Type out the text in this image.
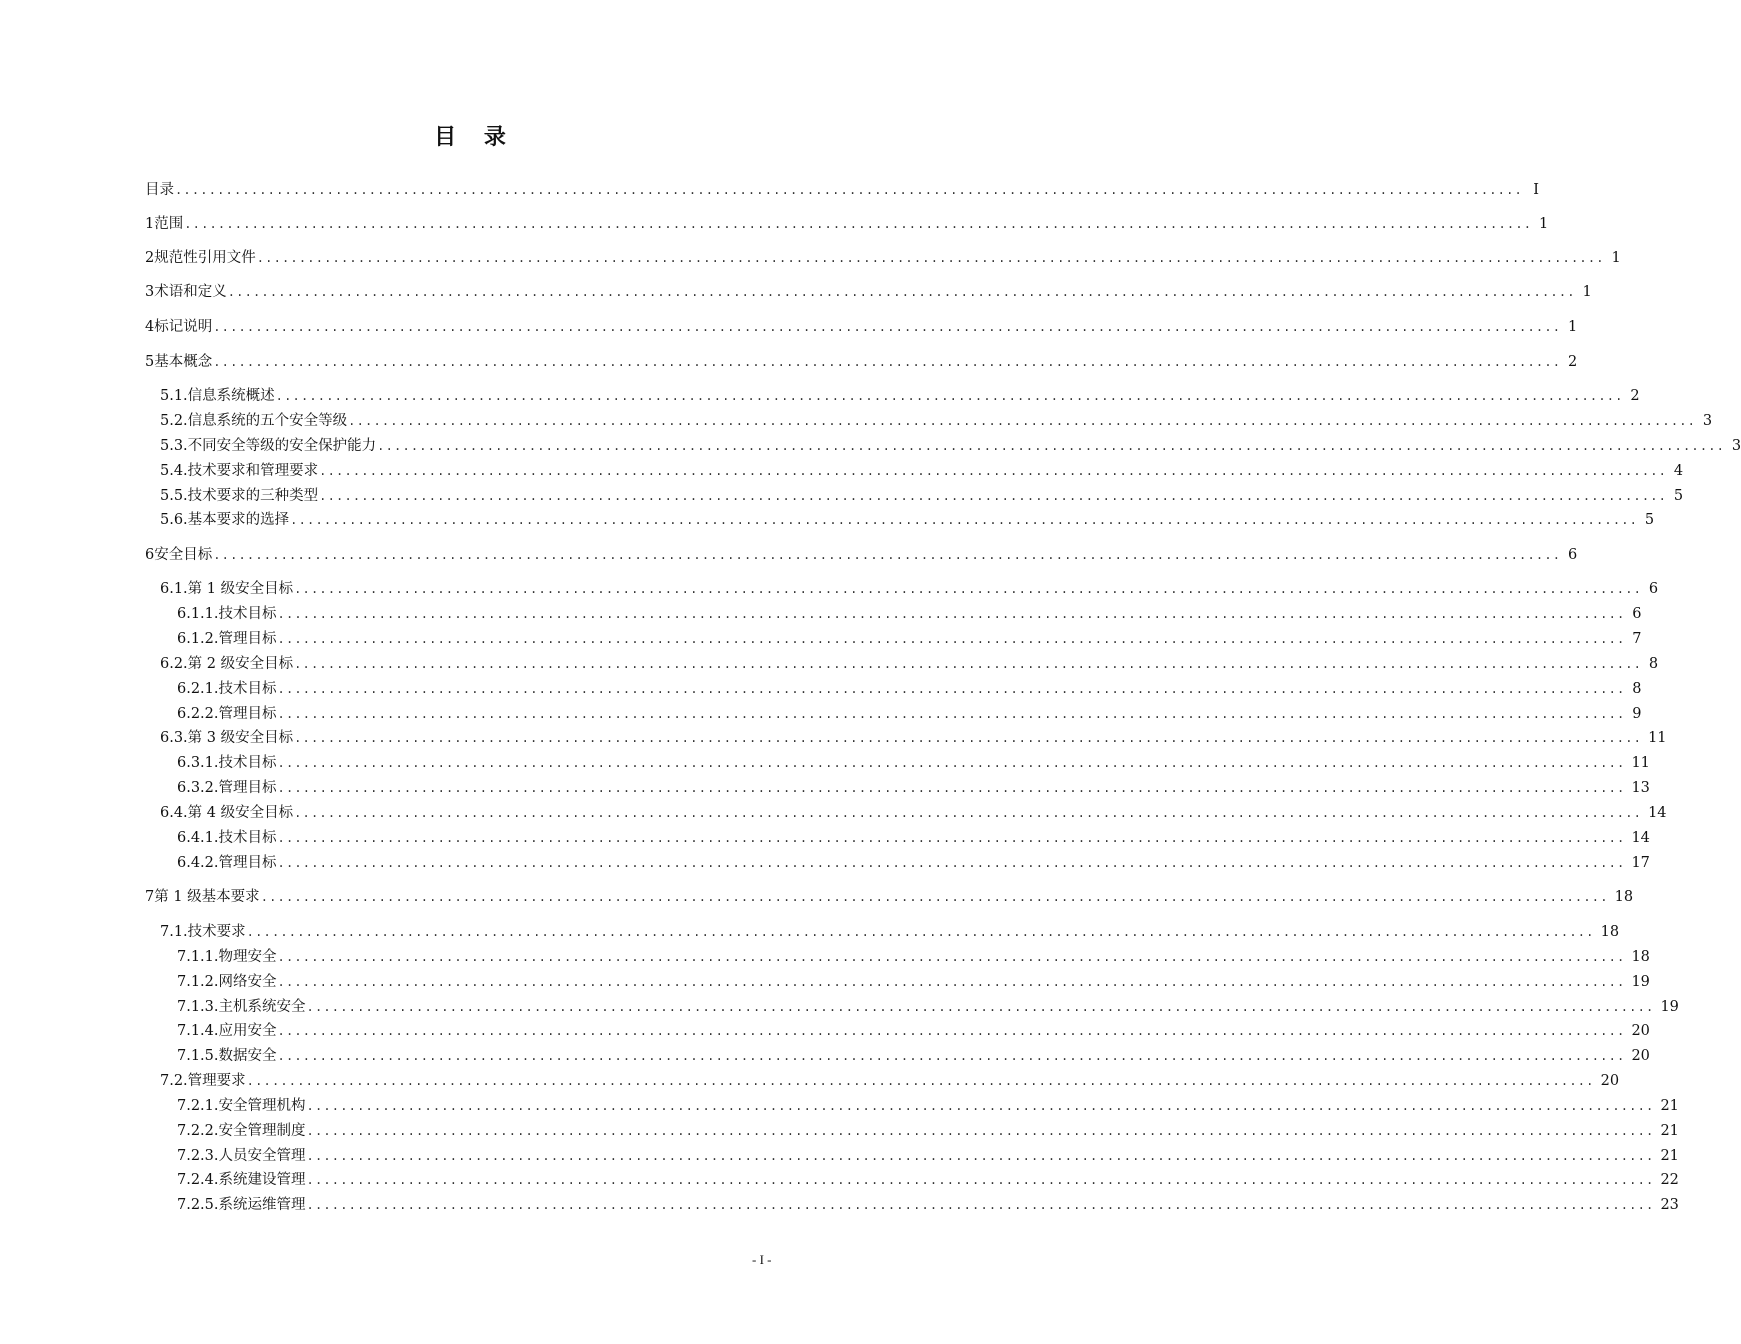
目 录
目 录 ................................................................................................................................................................ I
1 范围 ................................................................................................................................................................ 1
2 规范性引用文件 ................................................................................................................................................................ 1
3 术语和定义 ................................................................................................................................................................ 1
4 标记说明 ................................................................................................................................................................ 1
5 基本概念 ................................................................................................................................................................ 2
5.1. 信息系统概述 ................................................................................................................................................................ 2
5.2. 信息系统的五个安全等级 ................................................................................................................................................................ 3
5.3. 不同安全等级的安全保护能力 ................................................................................................................................................................ 3
5.4. 技术要求和管理要求 ................................................................................................................................................................ 4
5.5. 技术要求的三种类型 ................................................................................................................................................................ 5
5.6. 基本要求的选择 ................................................................................................................................................................ 5
6 安全目标 ................................................................................................................................................................ 6
6.1. 第 1 级安全目标 ................................................................................................................................................................ 6
6.1.1. 技术目标 ................................................................................................................................................................ 6
6.1.2. 管理目标 ................................................................................................................................................................ 7
6.2. 第 2 级安全目标 ................................................................................................................................................................ 8
6.2.1. 技术目标 ................................................................................................................................................................ 8
6.2.2. 管理目标 ................................................................................................................................................................ 9
6.3. 第 3 级安全目标 ................................................................................................................................................................ 11
6.3.1. 技术目标 ................................................................................................................................................................ 11
6.3.2. 管理目标 ................................................................................................................................................................ 13
6.4. 第 4 级安全目标 ................................................................................................................................................................ 14
6.4.1. 技术目标 ................................................................................................................................................................ 14
6.4.2. 管理目标 ................................................................................................................................................................ 17
7 第 1 级基本要求 ................................................................................................................................................................ 18
7.1. 技术要求 ................................................................................................................................................................ 18
7.1.1. 物理安全 ................................................................................................................................................................ 18
7.1.2. 网络安全 ................................................................................................................................................................ 19
7.1.3. 主机系统安全 ................................................................................................................................................................ 19
7.1.4. 应用安全 ................................................................................................................................................................ 20
7.1.5. 数据安全 ................................................................................................................................................................ 20
7.2. 管理要求 ................................................................................................................................................................ 20
7.2.1. 安全管理机构 ................................................................................................................................................................ 21
7.2.2. 安全管理制度 ................................................................................................................................................................ 21
7.2.3. 人员安全管理 ................................................................................................................................................................ 21
7.2.4. 系统建设管理 ................................................................................................................................................................ 22
7.2.5. 系统运维管理 ................................................................................................................................................................ 23
- I -
